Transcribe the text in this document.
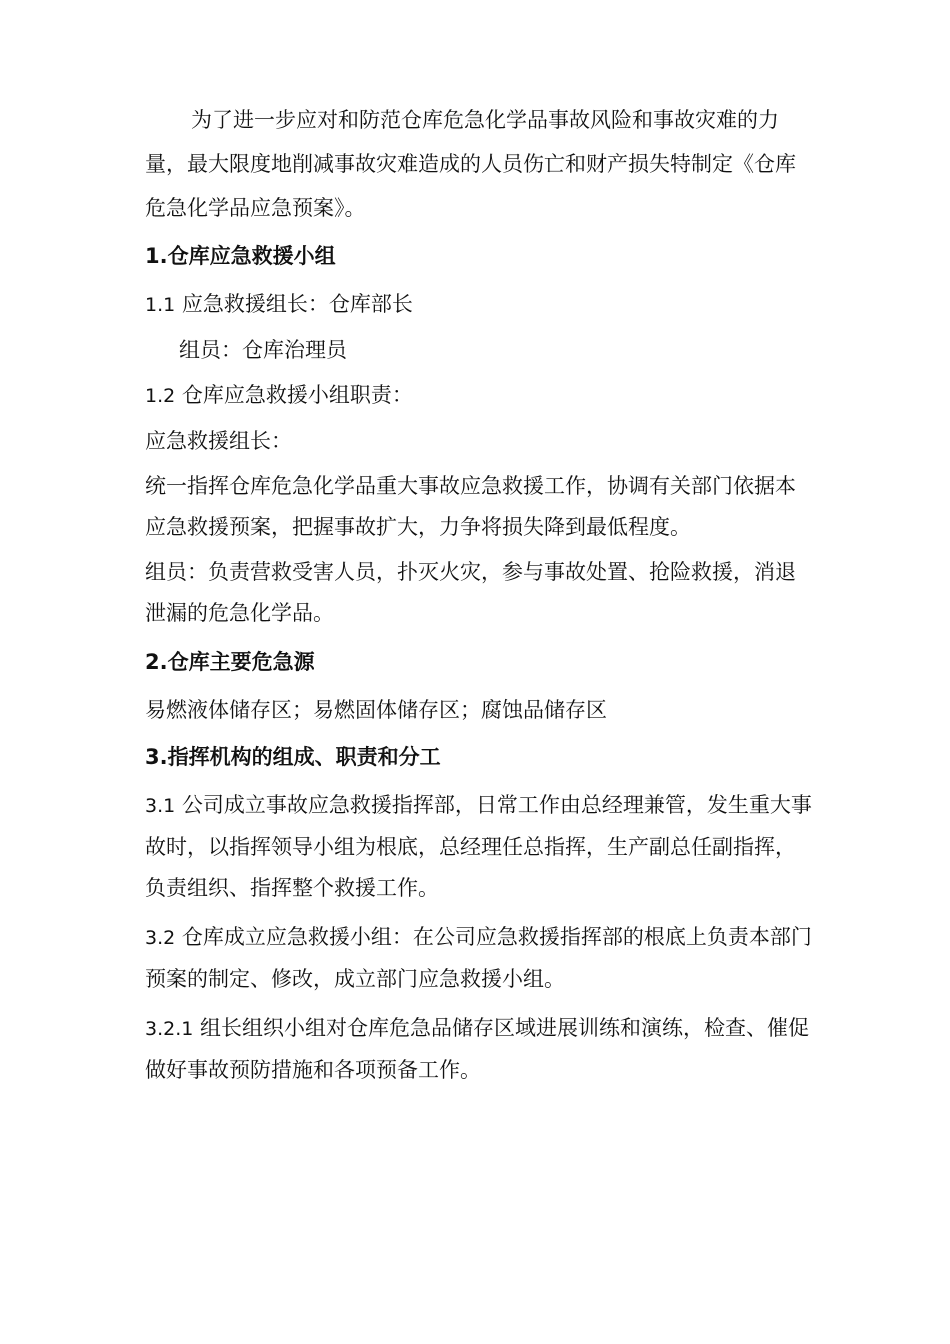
为了进一步应对和防范仓库危急化学品事故风险和事故灾难的力量，最大限度地削减事故灾难造成的人员伤亡和财产损失特制定《仓库危急化学品应急预案》。

1.仓库应急救援小组

1.1 应急救援组长：仓库部长

组员：仓库治理员

1.2 仓库应急救援小组职责：

应急救援组长：

统一指挥仓库危急化学品重大事故应急救援工作，协调有关部门依据本应急救援预案，把握事故扩大，力争将损失降到最低程度。

组员：负责营救受害人员，扑灭火灾，参与事故处置、抢险救援，消退泄漏的危急化学品。

2.仓库主要危急源

易燃液体储存区；易燃固体储存区；腐蚀品储存区

3.指挥机构的组成、职责和分工

3.1 公司成立事故应急救援指挥部，日常工作由总经理兼管，发生重大事故时，以指挥领导小组为根底，总经理任总指挥，生产副总任副指挥，负责组织、指挥整个救援工作。

3.2 仓库成立应急救援小组：在公司应急救援指挥部的根底上负责本部门预案的制定、修改，成立部门应急救援小组。

3.2.1 组长组织小组对仓库危急品储存区域进展训练和演练，检查、催促做好事故预防措施和各项预备工作。
